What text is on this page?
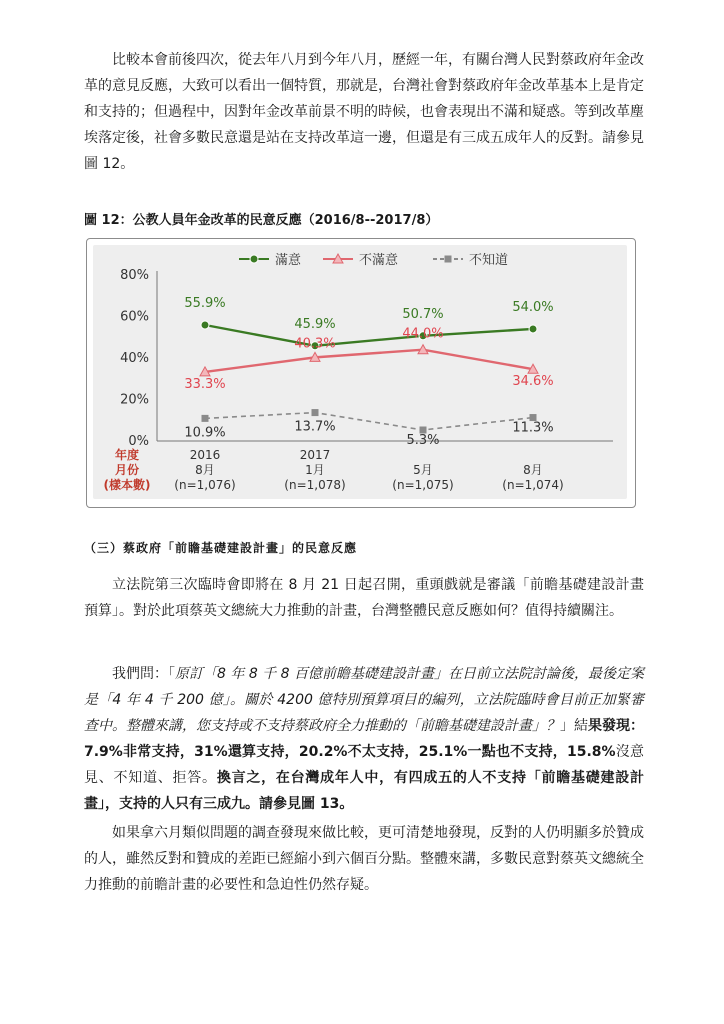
比較本會前後四次，從去年八月到今年八月，歷經一年，有關台灣人民對蔡政府年金改革的意見反應，大致可以看出一個特質，那就是，台灣社會對蔡政府年金改革基本上是肯定和支持的；但過程中，因對年金改革前景不明的時候，也會表現出不滿和疑惑。等到改革塵埃落定後，社會多數民意還是站在支持改革這一邊，但還是有三成五成年人的反對。請參見圖 12。

圖 12：公教人員年金改革的民意反應（2016/8--2017/8）

0%
20%
40%
60%
80%
滿意	不滿意	不知道
55.9%
45.9%
50.7%	54.0%
33.3%
40.3%
44.0%
34.6%
10.9%	13.7%
5.3%
11.3%
年度
月份
(樣本數)
2016	2017
8月	1月	5月	8月
(n=1,076)	(n=1,078)	(n=1,075)	(n=1,074)

（三）蔡政府「前瞻基礎建設計畫」的民意反應

立法院第三次臨時會即將在 8 月 21 日起召開，重頭戲就是審議「前瞻基礎建設計畫預算」。對於此項蔡英文總統大力推動的計畫，台灣整體民意反應如何？值得持續關注。

我們問：「原訂「8 年 8 千 8 百億前瞻基礎建設計畫」在日前立法院討論後，最後定案是「4 年 4 千 200 億」。關於 4200 億特別預算項目的編列，立法院臨時會目前正加緊審查中。整體來講，您支持或不支持蔡政府全力推動的「前瞻基礎建設計畫」？」結果發現：7.9%非常支持，31%還算支持，20.2%不太支持，25.1%一點也不支持，15.8%沒意見、不知道、拒答。換言之，在台灣成年人中，有四成五的人不支持「前瞻基礎建設計畫」，支持的人只有三成九。請參見圖 13。

如果拿六月類似問題的調查發現來做比較，更可清楚地發現，反對的人仍明顯多於贊成的人，雖然反對和贊成的差距已經縮小到六個百分點。整體來講，多數民意對蔡英文總統全力推動的前瞻計畫的必要性和急迫性仍然存疑。
